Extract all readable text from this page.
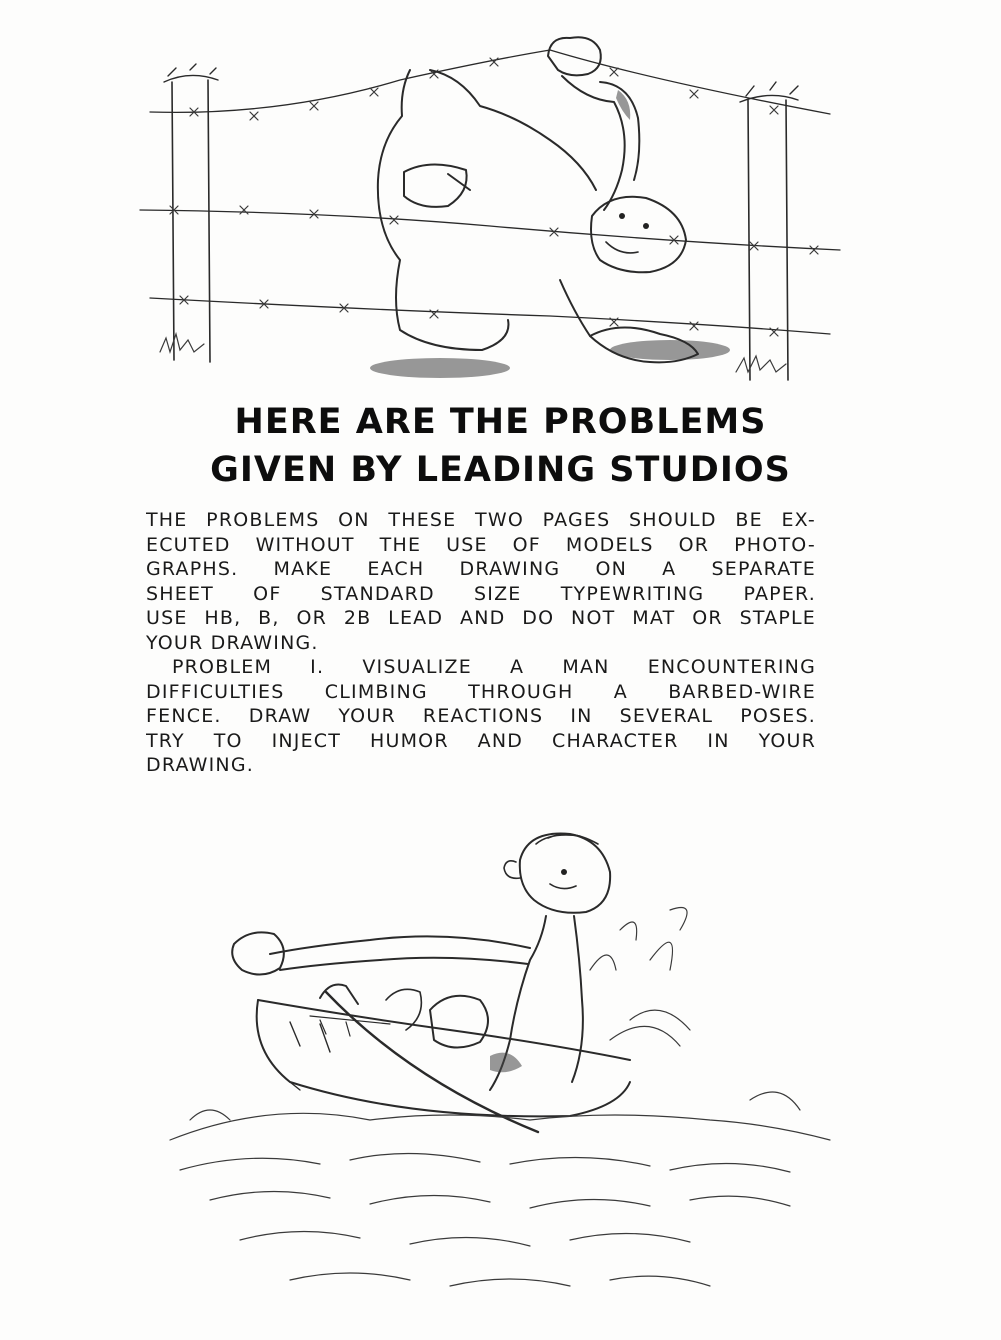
HERE ARE THE PROBLEMS
GIVEN BY LEADING STUDIOS
THE PROBLEMS ON THESE TWO PAGES SHOULD BE EX-
ECUTED WITHOUT THE USE OF MODELS OR PHOTO-
GRAPHS. MAKE EACH DRAWING ON A SEPARATE
SHEET OF STANDARD SIZE TYPEWRITING PAPER.
USE HB, B, OR 2B LEAD AND DO NOT MAT OR STAPLE
YOUR DRAWING.
PROBLEM I. VISUALIZE A MAN ENCOUNTERING
DIFFICULTIES CLIMBING THROUGH A BARBED-WIRE
FENCE. DRAW YOUR REACTIONS IN SEVERAL POSES.
TRY TO INJECT HUMOR AND CHARACTER IN YOUR
DRAWING.
